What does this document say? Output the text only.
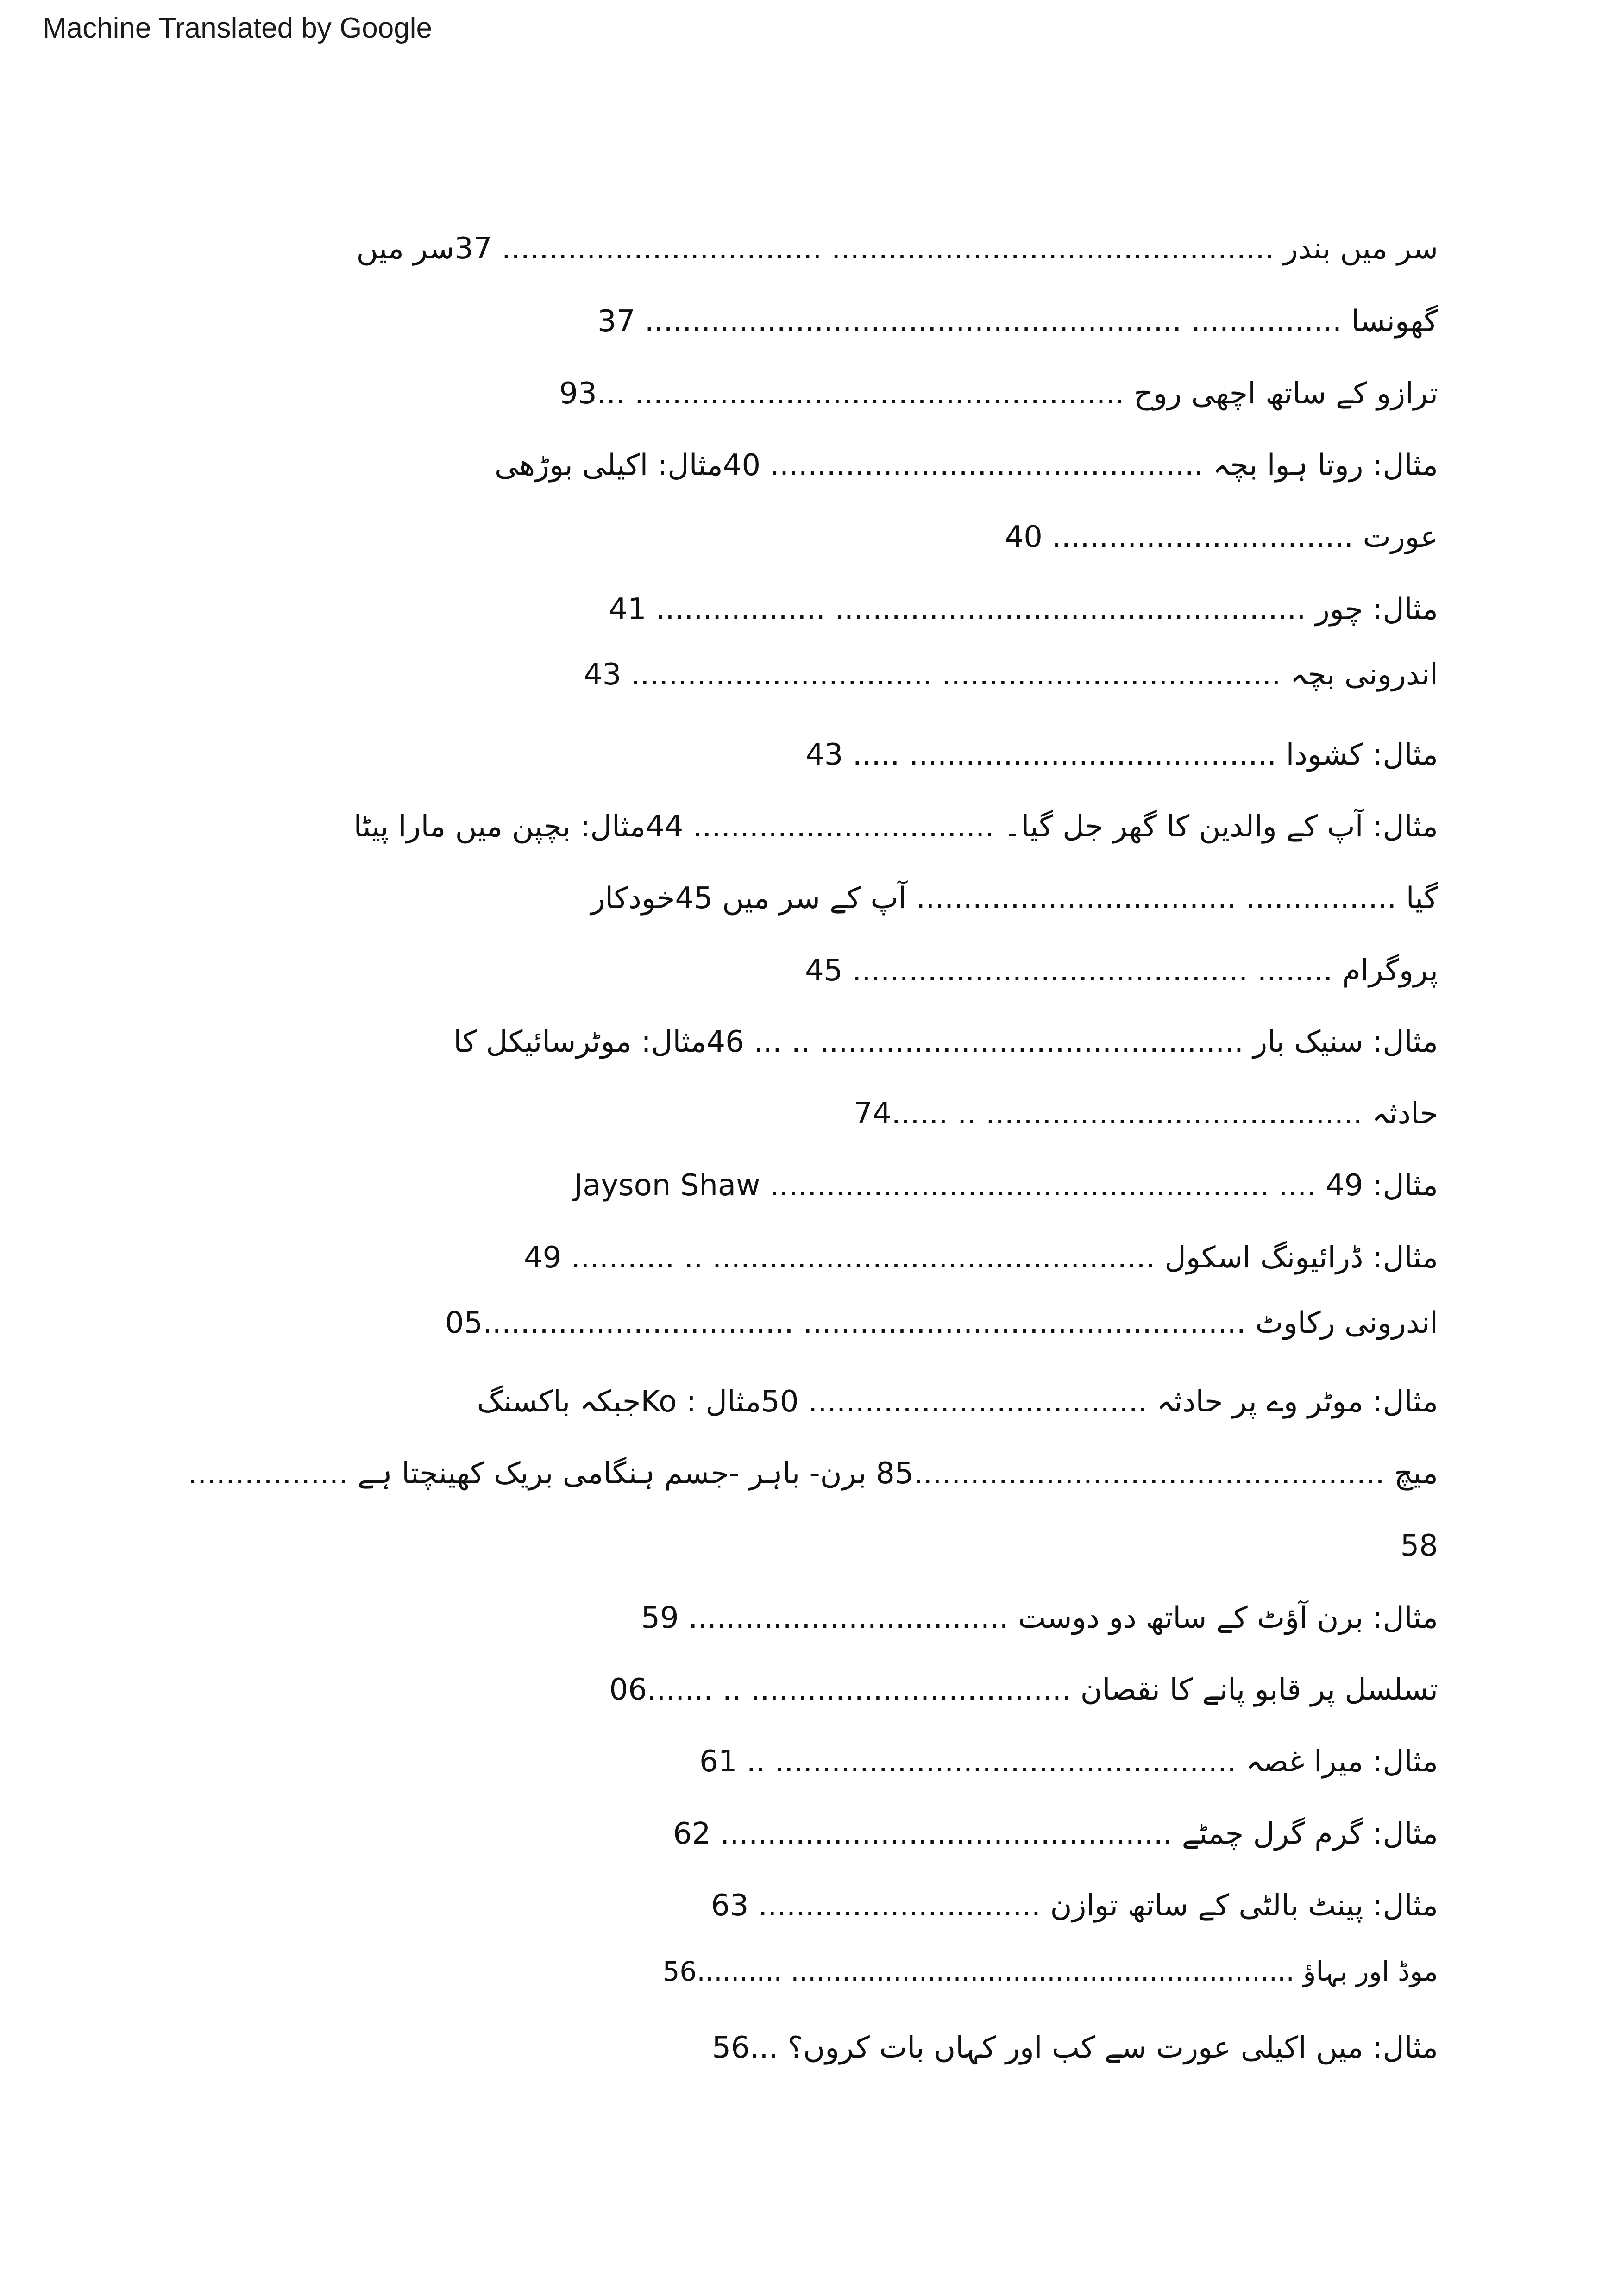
Machine Translated by Google
سر میں بندر ............................................... .................................. 37سر میں
گھونسا ................ ......................................................... 37
ترازو کے ساتھ اچھی روح .................................................... ...93
مثال: روتا ہوا بچہ .............................................. 40مثال: اکیلی بوڑھی
عورت ................................ 40
مثال: چور .................................................. .................. 41
اندرونی بچہ .................................... ................................ 43
مثال: کشودا ....................................... ..... 43
مثال: آپ کے والدین کا گھر جل گیا۔ ................................ 44مثال: بچپن میں مارا پیٹا
گیا ................ .................................. آپ کے سر میں 45خودکار
پروگرام ........ .......................................... 45
مثال: سنیک بار ............................................. .. ... 46مثال: موٹرسائیکل کا
حادثہ ........................................ .. ......74
مثال: 49 .... ..................................................... Jayson Shaw
مثال: ڈرائیونگ اسکول ............................................... .. ........... 49
اندرونی رکاوٹ ............................................... .................................05
مثال: موٹر وے پر حادثہ .................................... 50مثال : Koجبکہ باکسنگ
میچ ..................................................85 برن- باہر -جسم ہنگامی بریک کھینچتا ہے .................
58
مثال: برن آؤٹ کے ساتھ دو دوست .................................. 59
تسلسل پر قابو پانے کا نقصان .................................. .. .......06
مثال: میرا غصہ ................................................. .. 61
مثال: گرم گرل چمٹے ................................................ 62
مثال: پینٹ بالٹی کے ساتھ توازن .............................. 63
موڈ اور بہاؤ ........................................................... ..........56
مثال: میں اکیلی عورت سے کب اور کہاں بات کروں؟ ...56
